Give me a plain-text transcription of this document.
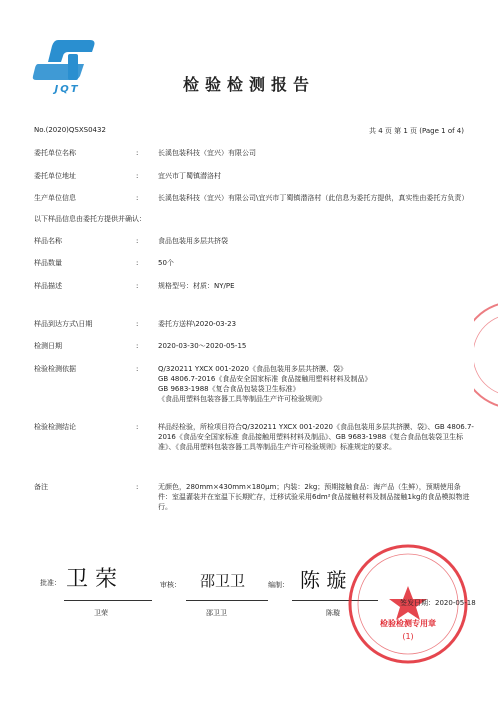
JQT	检验检测报告
No.(2020)QSXS0432	共 4 页 第 1 页 (Page 1 of 4)
委托单位名称	:	长溪包装科技（宜兴）有限公司
委托单位地址	:	宜兴市丁蜀镇潜洛村
生产单位信息	:	长溪包装科技（宜兴）有限公司\宜兴市丁蜀镇潜洛村（此信息为委托方提供，真实性由委托方负责）
以下样品信息由委托方提供并确认：
样品名称	:	食品包装用多层共挤袋
样品数量	:	50个
样品描述	:	规格型号：材质：NY/PE
样品到达方式\日期	:	委托方送样\2020-03-23
检测日期	:	2020-03-30～2020-05-15
检验检测依据	:	Q/320211 YXCX 001-2020《食品包装用多层共挤膜、袋》
GB 4806.7-2016《食品安全国家标准 食品接触用塑料材料及制品》
GB 9683-1988《复合食品包装袋卫生标准》
《食品用塑料包装容器工具等制品生产许可检验规则》
检验检测结论	:	样品经检验，所检项目符合Q/320211 YXCX 001-2020《食品包装用多层共挤膜、袋》、GB 4806.7-2016《食品安全国家标准 食品接触用塑料材料及制品》、GB 9683-1988《复合食品包装袋卫生标准》、《食品用塑料包装容器工具等制品生产许可检验规则》标准规定的要求。
备注	:	无颜色，280mm×430mm×180μm；内装：2kg；预期接触食品：海产品（生鲜），预期使用条件：室温灌装并在室温下长期贮存，迁移试验采用6dm²食品接触材料及制品接触1kg的食品模拟物进行。
批准： 卫 荣
卫荣
审核： 邵卫卫
邵卫卫
编制： 陈 璇
陈璇
检验检测专用章
(1)
签发日期：2020-05-18
